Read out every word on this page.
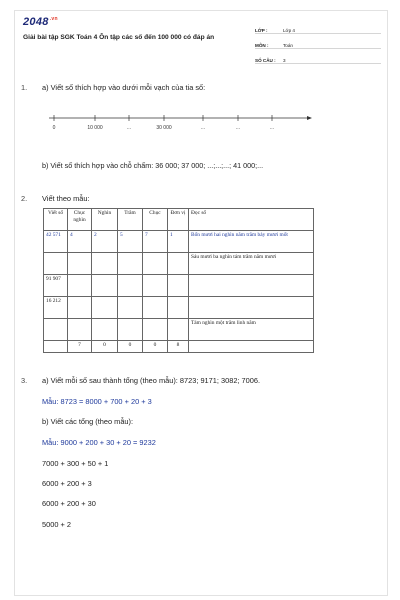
$2048^{.vn}$
Giải bài tập SGK Toán 4 Ôn tập các số đến 100 000 có đáp án
LỚP :	Lớp 4
MÔN :	Toán
SỐ CÂU :	3
1. a) Viết số thích hợp vào dưới mỗi vạch của tia số:
0	10 000	...	30 000	...	...	...
b) Viết số thích hợp vào chỗ chấm: 36 000; 37 000; ...;...;...; 41 000;...
2. Viết theo mẫu:
Viết số	Chục nghìn	Nghìn	Trăm	Chục	Đơn vị	Đọc số
42 571	4	2	5	7	1	Bốn mươi hai nghìn năm trăm bảy mươi mốt
						Sáu mươi ba nghìn tám trăm năm mươi
91 907						
16 212						
						Tám nghìn một trăm linh năm
	7	0	0	0	8	
3. a) Viết mỗi số sau thành tổng (theo mẫu): 8723; 9171; 3082; 7006.
Mẫu: 8723 = 8000 + 700 + 20 + 3
b) Viết các tổng (theo mẫu):
Mẫu: 9000 + 200 + 30 + 20 = 9232
7000 + 300 + 50 + 1
6000 + 200 + 3
6000 + 200 + 30
5000 + 2
